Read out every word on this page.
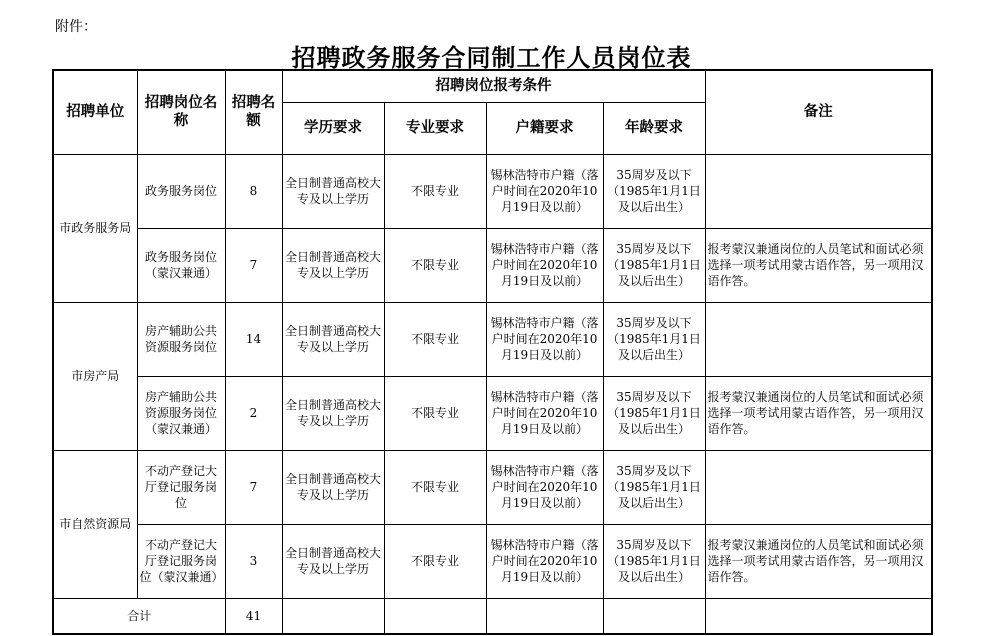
附件：
招聘政务服务合同制工作人员岗位表
招聘单位	招聘岗位名称	招聘名额	招聘岗位报考条件				备注
			学历要求	专业要求	户籍要求	年龄要求	
市政务服务局	政务服务岗位	8	全日制普通高校大专及以上学历	不限专业	锡林浩特市户籍（落户时间在2020年10月19日及以前）	35周岁及以下（1985年1月1日及以后出生）	
	政务服务岗位（蒙汉兼通）	7	全日制普通高校大专及以上学历	不限专业	锡林浩特市户籍（落户时间在2020年10月19日及以前）	35周岁及以下（1985年1月1日及以后出生）	报考蒙汉兼通岗位的人员笔试和面试必须选择一项考试用蒙古语作答，另一项用汉语作答。
市房产局	房产辅助公共资源服务岗位	14	全日制普通高校大专及以上学历	不限专业	锡林浩特市户籍（落户时间在2020年10月19日及以前）	35周岁及以下（1985年1月1日及以后出生）	
	房产辅助公共资源服务岗位（蒙汉兼通）	2	全日制普通高校大专及以上学历	不限专业	锡林浩特市户籍（落户时间在2020年10月19日及以前）	35周岁及以下（1985年1月1日及以后出生）	报考蒙汉兼通岗位的人员笔试和面试必须选择一项考试用蒙古语作答，另一项用汉语作答。
市自然资源局	不动产登记大厅登记服务岗位	7	全日制普通高校大专及以上学历	不限专业	锡林浩特市户籍（落户时间在2020年10月19日及以前）	35周岁及以下（1985年1月1日及以后出生）	
	不动产登记大厅登记服务岗位（蒙汉兼通）	3	全日制普通高校大专及以上学历	不限专业	锡林浩特市户籍（落户时间在2020年10月19日及以前）	35周岁及以下（1985年1月1日及以后出生）	报考蒙汉兼通岗位的人员笔试和面试必须选择一项考试用蒙古语作答，另一项用汉语作答。
合计		41					
